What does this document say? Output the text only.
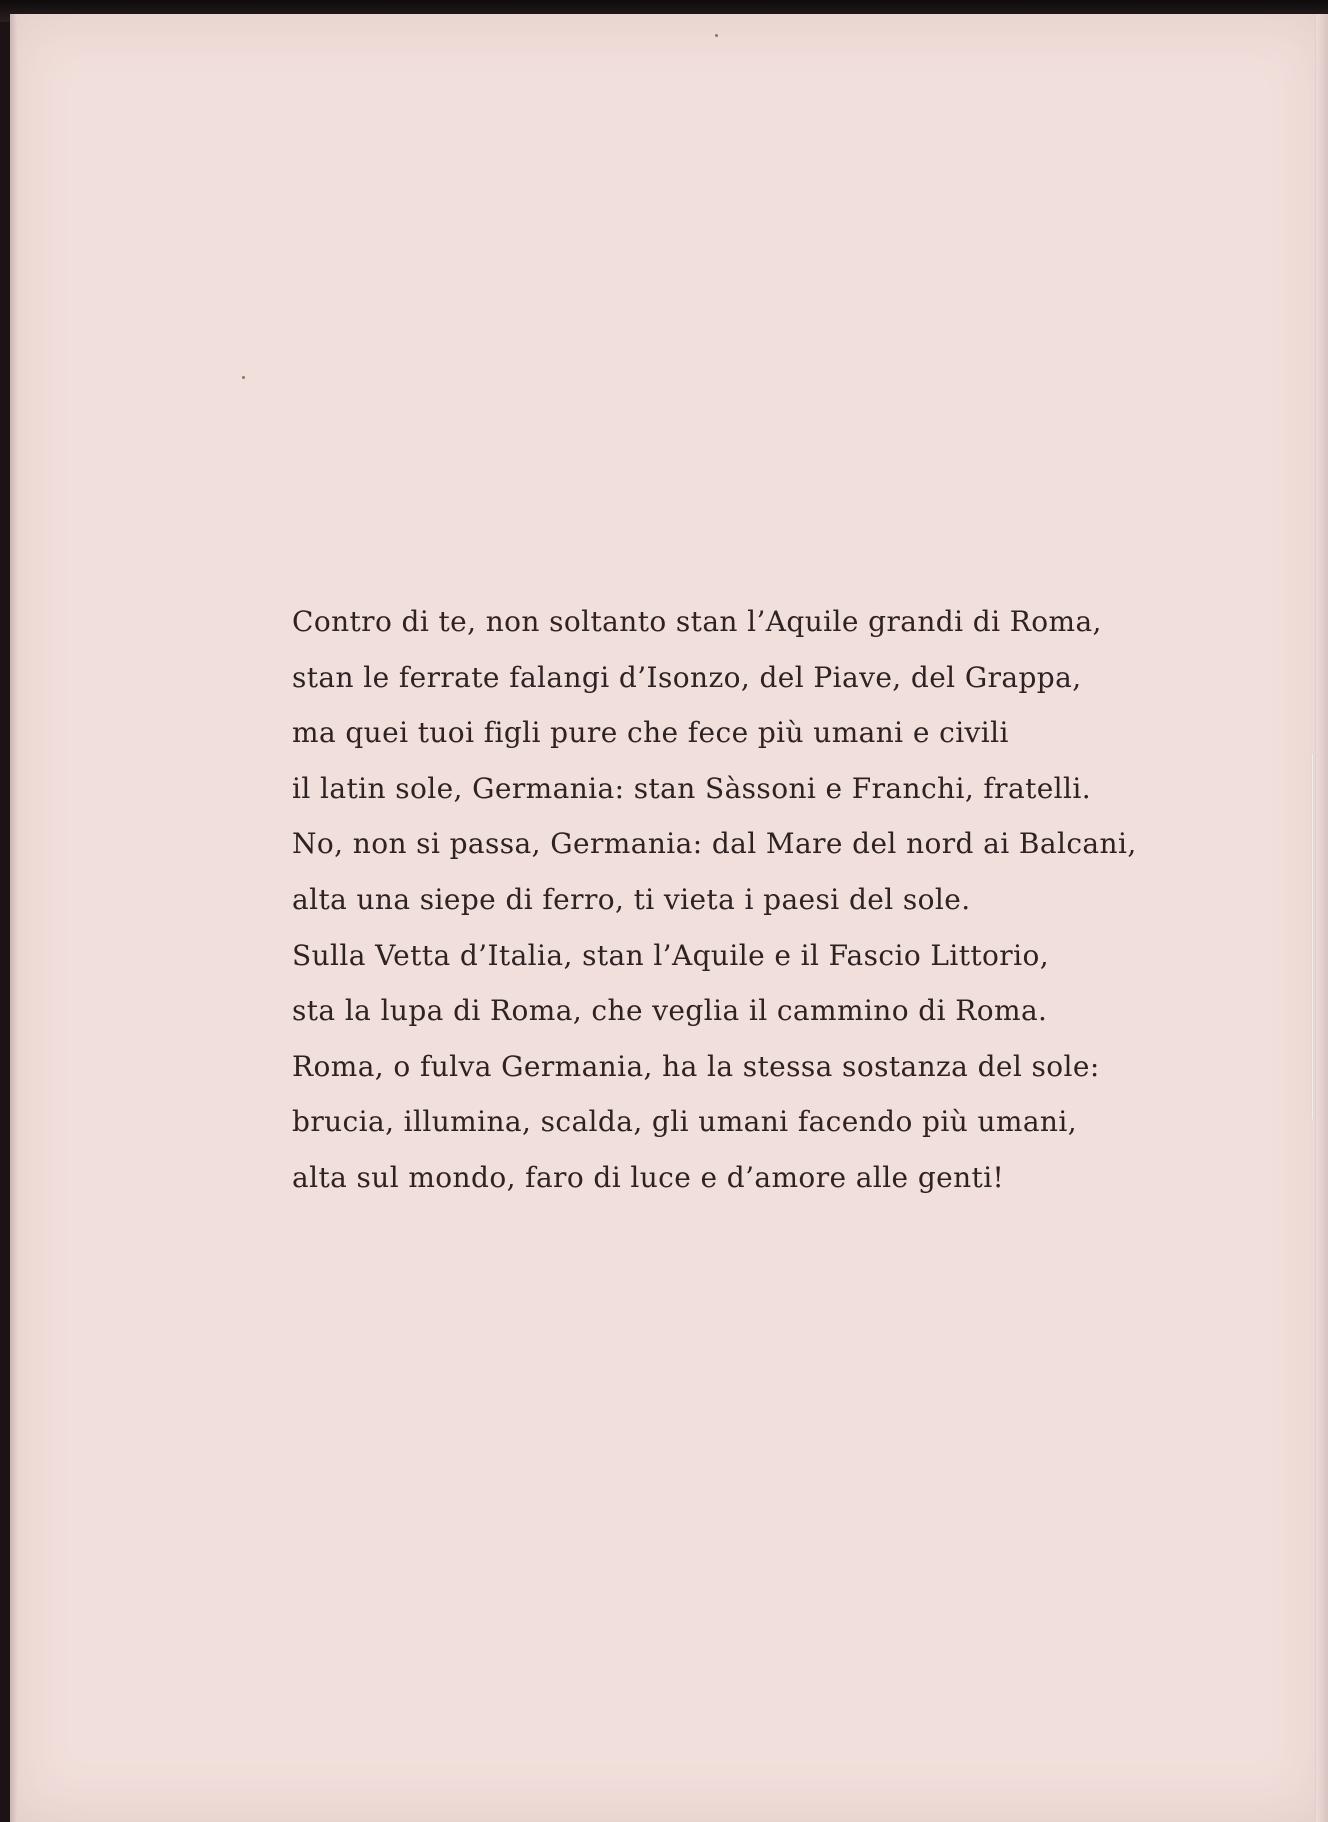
Contro di te, non soltanto stan l’Aquile grandi di Roma,
stan le ferrate falangi d’Isonzo, del Piave, del Grappa,
ma quei tuoi figli pure che fece più umani e civili
il latin sole, Germania: stan Sàssoni e Franchi, fratelli.
No, non si passa, Germania: dal Mare del nord ai Balcani,
alta una siepe di ferro, ti vieta i paesi del sole.
Sulla Vetta d’Italia, stan l’Aquile e il Fascio Littorio,
sta la lupa di Roma, che veglia il cammino di Roma.
Roma, o fulva Germania, ha la stessa sostanza del sole:
brucia, illumina, scalda, gli umani facendo più umani,
alta sul mondo, faro di luce e d’amore alle genti!
